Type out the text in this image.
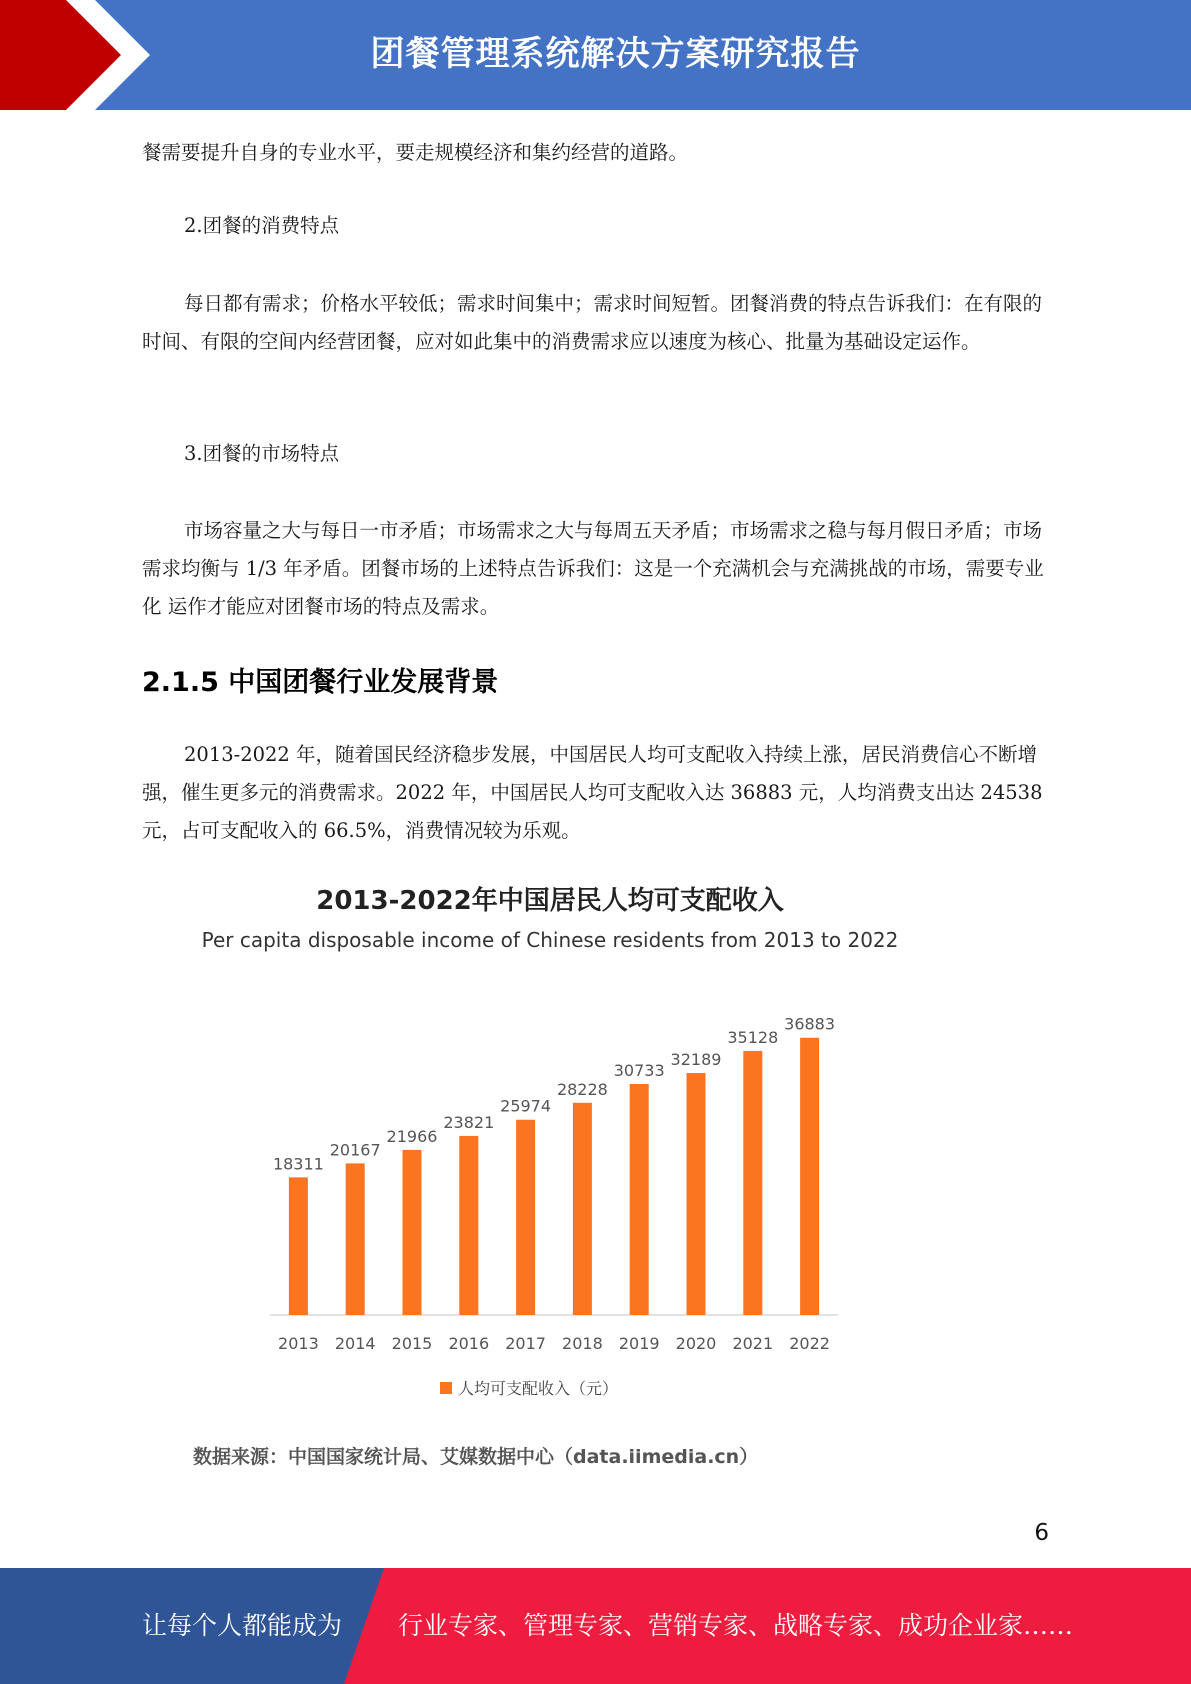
团餐管理系统解决方案研究报告
餐需要提升自身的专业水平，要走规模经济和集约经营的道路。
2.团餐的消费特点
每日都有需求；价格水平较低；需求时间集中；需求时间短暂。团餐消费的特点告诉我们：在有限的时间、有限的空间内经营团餐，应对如此集中的消费需求应以速度为核心、批量为基础设定运作。
3.团餐的市场特点
市场容量之大与每日一市矛盾；市场需求之大与每周五天矛盾；市场需求之稳与每月假日矛盾；市场需求均衡与 1/3 年矛盾。团餐市场的上述特点告诉我们：这是一个充满机会与充满挑战的市场，需要专业化 运作才能应对团餐市场的特点及需求。
2.1.5 中国团餐行业发展背景
2013-2022 年，随着国民经济稳步发展，中国居民人均可支配收入持续上涨，居民消费信心不断增强，催生更多元的消费需求。2022 年，中国居民人均可支配收入达 36883 元，人均消费支出达 24538 元，占可支配收入的 66.5%，消费情况较为乐观。
2013-2022年中国居民人均可支配收入
Per capita disposable income of Chinese residents from 2013 to 2022
18311
2013
20167
2014
21966
2015
23821
2016
25974
2017
28228
2018
30733
2019
32189
2020
35128
2021
36883
2022
人均可支配收入（元）
数据来源：中国国家统计局、艾媒数据中心（data.iimedia.cn）
6
让每个人都能成为 行业专家、管理专家、营销专家、战略专家、成功企业家……
